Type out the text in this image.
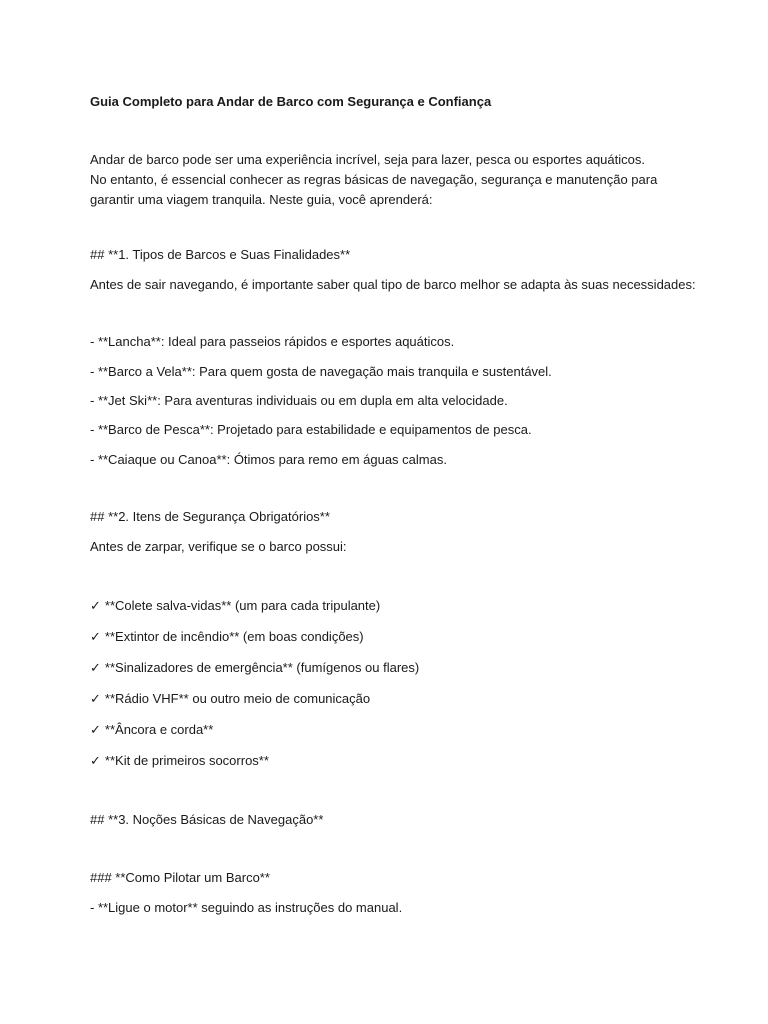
Guia Completo para Andar de Barco com Segurança e Confiança
Andar de barco pode ser uma experiência incrível, seja para lazer, pesca ou esportes aquáticos. No entanto, é essencial conhecer as regras básicas de navegação, segurança e manutenção para garantir uma viagem tranquila. Neste guia, você aprenderá:
## **1. Tipos de Barcos e Suas Finalidades**
Antes de sair navegando, é importante saber qual tipo de barco melhor se adapta às suas necessidades:
- **Lancha**: Ideal para passeios rápidos e esportes aquáticos.
- **Barco a Vela**: Para quem gosta de navegação mais tranquila e sustentável.
- **Jet Ski**: Para aventuras individuais ou em dupla em alta velocidade.
- **Barco de Pesca**: Projetado para estabilidade e equipamentos de pesca.
- **Caiaque ou Canoa**: Ótimos para remo em águas calmas.
## **2. Itens de Segurança Obrigatórios**
Antes de zarpar, verifique se o barco possui:
✓ **Colete salva-vidas** (um para cada tripulante)
✓ **Extintor de incêndio** (em boas condições)
✓ **Sinalizadores de emergência** (fumígenos ou flares)
✓ **Rádio VHF** ou outro meio de comunicação
✓ **Âncora e corda**
✓ **Kit de primeiros socorros**
## **3. Noções Básicas de Navegação**
### **Como Pilotar um Barco**
- **Ligue o motor** seguindo as instruções do manual.
